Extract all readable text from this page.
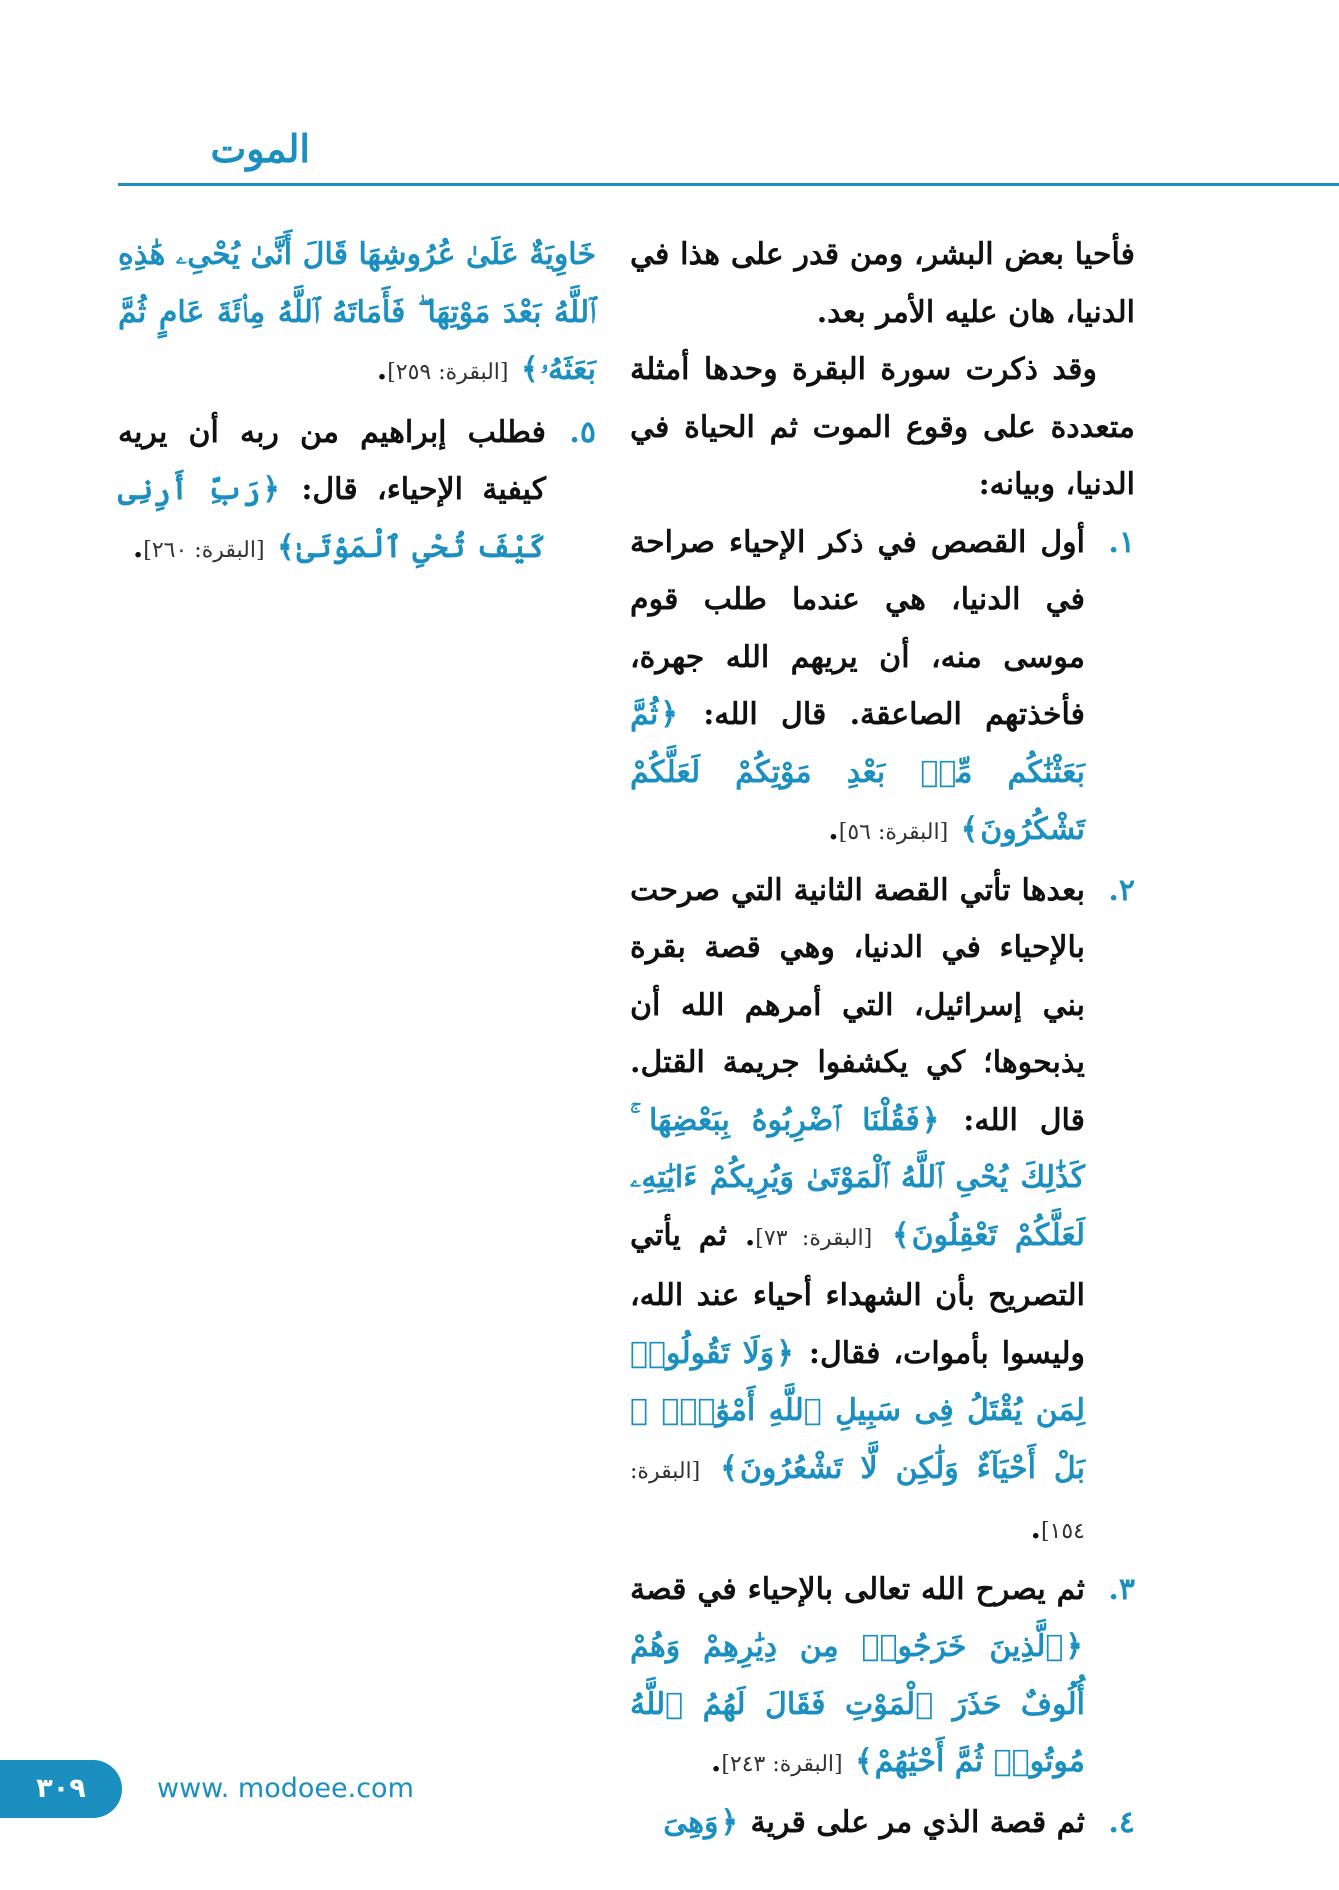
الموت

فأحيا بعض البشر، ومن قدر على هذا في الدنيا، هان عليه الأمر بعد.

وقد ذكرت سورة البقرة وحدها أمثلة متعددة على وقوع الموت ثم الحياة في الدنيا، وبيانه:

١.
أول القصص في ذكر الإحياء صراحة في الدنيا، هي عندما طلب قوم موسى منه، أن يريهم الله جهرة، فأخذتهم الصاعقة. قال الله: ﴿ثُمَّ بَعَثْنَٰكُم مِّنۢ بَعْدِ مَوْتِكُمْ لَعَلَّكُمْ تَشْكُرُونَ﴾ [البقرة: ٥٦].
٢.
بعدها تأتي القصة الثانية التي صرحت بالإحياء في الدنيا، وهي قصة بقرة بني إسرائيل، التي أمرهم الله أن يذبحوها؛ كي يكشفوا جريمة القتل. قال الله: ﴿فَقُلْنَا ٱضْرِبُوهُ بِبَعْضِهَا ۚ كَذَٰلِكَ يُحْىِ ٱللَّهُ ٱلْمَوْتَىٰ وَيُرِيكُمْ ءَايَٰتِهِۦ لَعَلَّكُمْ تَعْقِلُونَ﴾ [البقرة: ٧٣]. ثم يأتي التصريح بأن الشهداء أحياء عند الله، وليسوا بأموات، فقال: ﴿وَلَا تَقُولُوا۟ لِمَن يُقْتَلُ فِى سَبِيلِ ٱللَّهِ أَمْوَٰتٌۢ ۚ بَلْ أَحْيَآءٌ وَلَٰكِن لَّا تَشْعُرُونَ﴾ [البقرة: ١٥٤].
٣.
ثم يصرح الله تعالى بالإحياء في قصة ﴿ٱلَّذِينَ خَرَجُوا۟ مِن دِيَٰرِهِمْ وَهُمْ أُلُوفٌ حَذَرَ ٱلْمَوْتِ فَقَالَ لَهُمُ ٱللَّهُ مُوتُوا۟ ثُمَّ أَحْيَٰهُمْ﴾ [البقرة: ٢٤٣].
٤.
ثم قصة الذي مر على قرية ﴿وَهِىَ

خَاوِيَةٌ عَلَىٰ عُرُوشِهَا قَالَ أَنَّىٰ يُحْىِۦ هَٰذِهِ ٱللَّهُ بَعْدَ مَوْتِهَا ۖ فَأَمَاتَهُ ٱللَّهُ مِا۟ئَةَ عَامٍ ثُمَّ بَعَثَهُۥ﴾ [البقرة: ٢٥٩].

٥.
فطلب إبراهيم من ربه أن يريه كيفية الإحياء، قال: ﴿رَبِّ أَرِنِى كَيْفَ تُحْىِ ٱلْمَوْتَىٰ﴾ [البقرة: ٢٦٠].
٣٠٩	www. modoee.com
